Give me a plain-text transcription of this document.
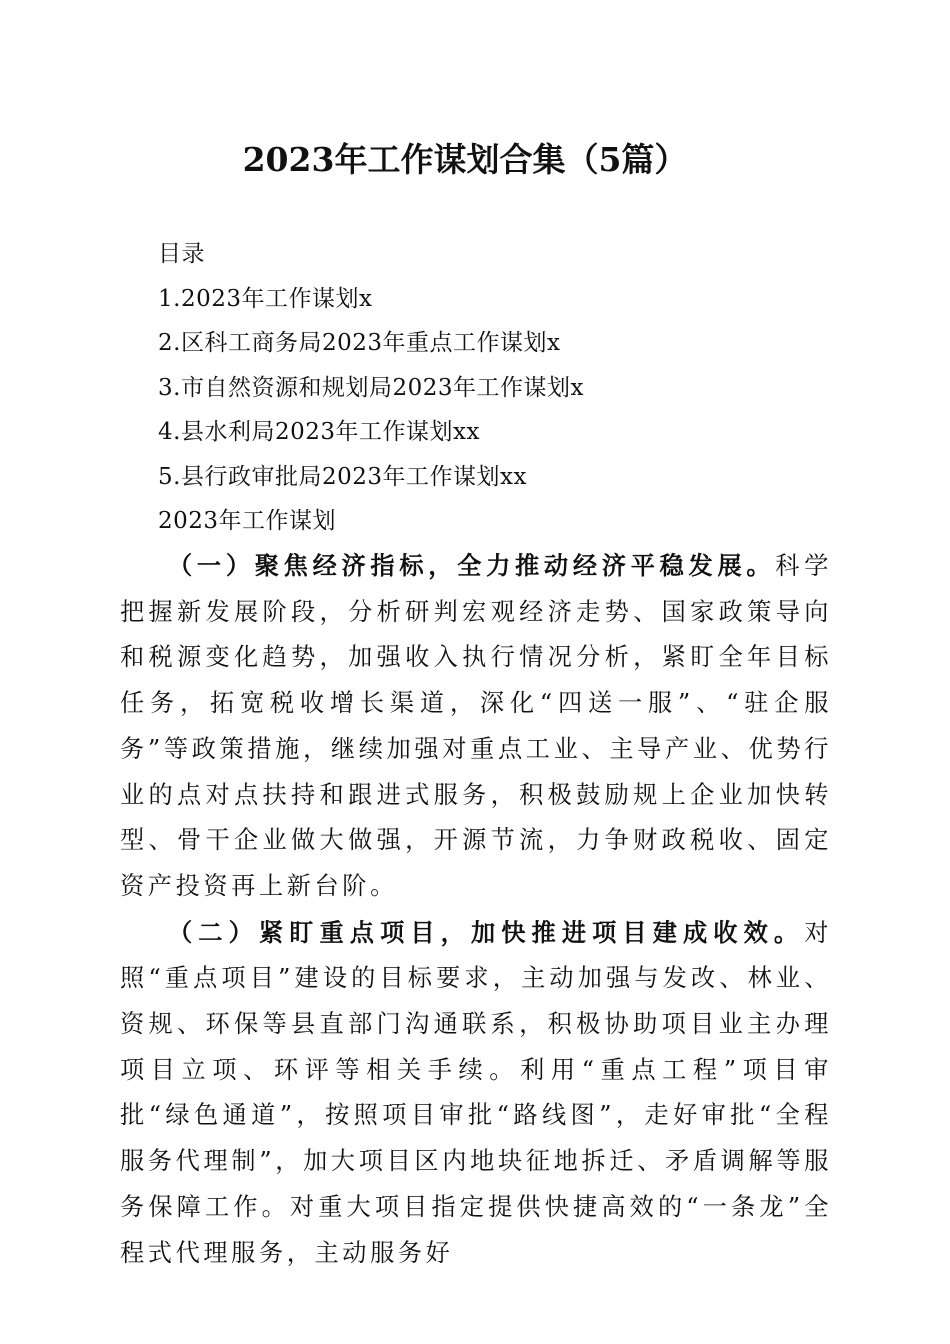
2023年工作谋划合集（5篇）
目录
1.2023年工作谋划x
2.区科工商务局2023年重点工作谋划x
3.市自然资源和规划局2023年工作谋划x
4.县水利局2023年工作谋划xx
5.县行政审批局2023年工作谋划xx
2023年工作谋划

（一）聚焦经济指标，全力推动经济平稳发展。科学把握新发展阶段，分析研判宏观经济走势、国家政策导向和税源变化趋势，加强收入执行情况分析，紧盯全年目标任务，拓宽税收增长渠道，深化“四送一服”、“驻企服务”等政策措施，继续加强对重点工业、主导产业、优势行业的点对点扶持和跟进式服务，积极鼓励规上企业加快转型、骨干企业做大做强，开源节流，力争财政税收、固定资产投资再上新台阶。

（二）紧盯重点项目，加快推进项目建成收效。对照“重点项目”建设的目标要求，主动加强与发改、林业、资规、环保等县直部门沟通联系，积极协助项目业主办理项目立项、环评等相关手续。利用“重点工程”项目审批“绿色通道”，按照项目审批“路线图”，走好审批“全程服务代理制”，加大项目区内地块征地拆迁、矛盾调解等服务保障工作。对重大项目指定提供快捷高效的“一条龙”全程式代理服务，主动服务好
